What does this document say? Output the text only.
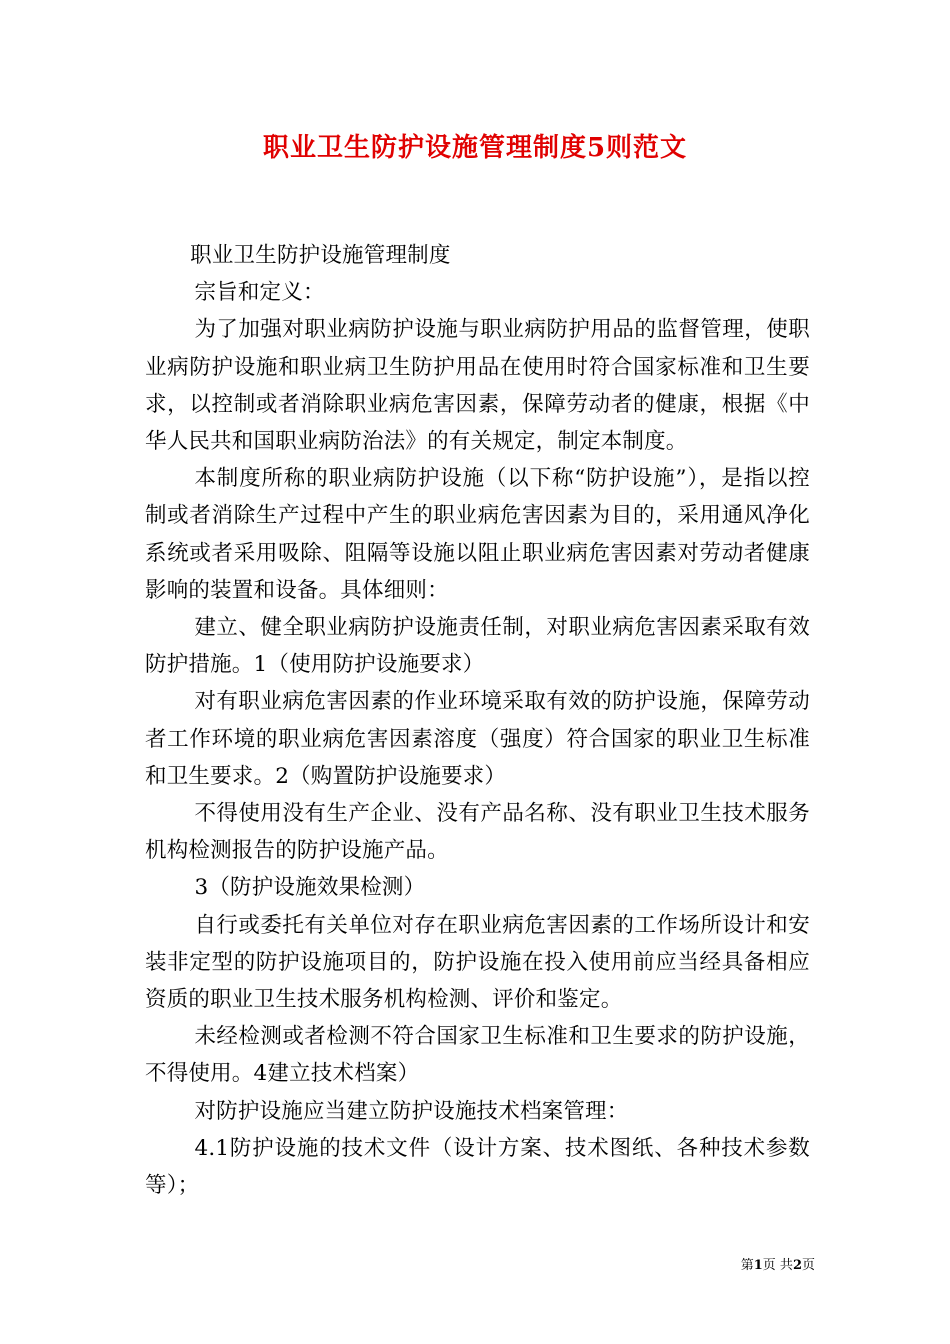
职业卫生防护设施管理制度5则范文

职业卫生防护设施管理制度

宗旨和定义：

为了加强对职业病防护设施与职业病防护用品的监督管理，使职业病防护设施和职业病卫生防护用品在使用时符合国家标准和卫生要求，以控制或者消除职业病危害因素，保障劳动者的健康，根据《中华人民共和国职业病防治法》的有关规定，制定本制度。

本制度所称的职业病防护设施（以下称“防护设施”），是指以控制或者消除生产过程中产生的职业病危害因素为目的，采用通风净化系统或者采用吸除、阻隔等设施以阻止职业病危害因素对劳动者健康影响的装置和设备。具体细则：

建立、健全职业病防护设施责任制，对职业病危害因素采取有效防护措施。1（使用防护设施要求）

对有职业病危害因素的作业环境采取有效的防护设施，保障劳动者工作环境的职业病危害因素溶度（强度）符合国家的职业卫生标准和卫生要求。2（购置防护设施要求）

不得使用没有生产企业、没有产品名称、没有职业卫生技术服务机构检测报告的防护设施产品。

3（防护设施效果检测）

自行或委托有关单位对存在职业病危害因素的工作场所设计和安装非定型的防护设施项目的，防护设施在投入使用前应当经具备相应资质的职业卫生技术服务机构检测、评价和鉴定。

未经检测或者检测不符合国家卫生标准和卫生要求的防护设施，不得使用。4建立技术档案）

对防护设施应当建立防护设施技术档案管理：

4.1防护设施的技术文件（设计方案、技术图纸、各种技术参数等）；

第1页 共2页
